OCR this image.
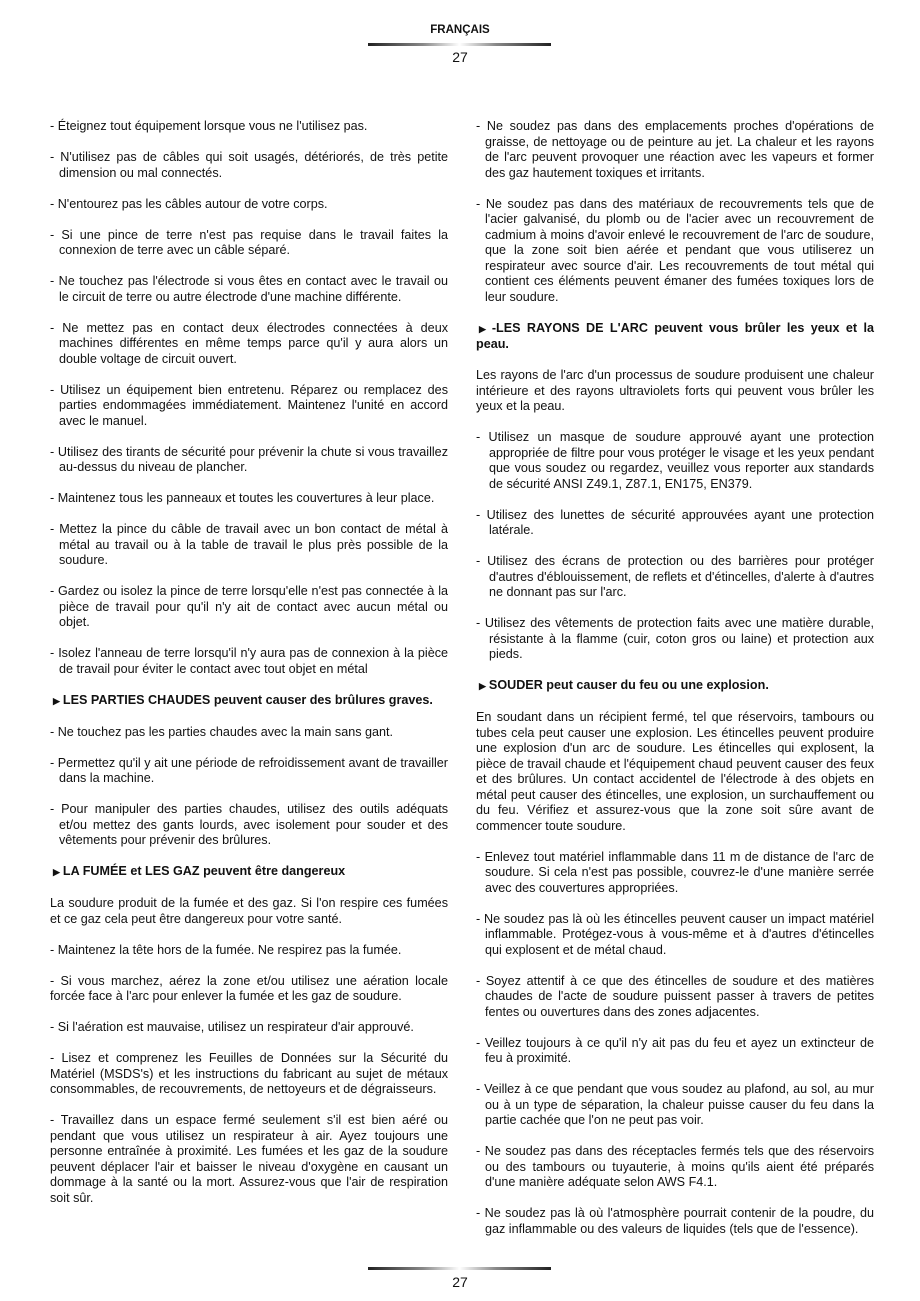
FRANÇAIS
27

- Éteignez tout équipement lorsque vous ne l'utilisez pas.

- N'utilisez pas de câbles qui soit usagés, détériorés, de très petite dimension ou mal connectés.

- N'entourez pas les câbles autour de votre corps.

- Si une pince de terre n'est pas requise dans le travail faites la connexion de terre avec un câble séparé.

- Ne touchez pas l'électrode si vous êtes en contact avec le travail ou le circuit de terre ou autre électrode d'une machine différente.

- Ne mettez pas en contact deux électrodes connectées à deux machines différentes en même temps parce qu'il y aura alors un double voltage de circuit ouvert.

- Utilisez un équipement bien entretenu. Réparez ou remplacez des parties endommagées immédiatement. Maintenez l'unité en accord avec le manuel.

- Utilisez des tirants de sécurité pour prévenir la chute si vous travaillez au-dessus du niveau de plancher.

- Maintenez tous les panneaux et toutes les couvertures à leur place.

- Mettez la pince du câble de travail avec un bon contact de métal à métal au travail ou à la table de travail le plus près possible de la soudure.

- Gardez ou isolez la pince de terre lorsqu'elle n'est pas connectée à la pièce de travail pour qu'il n'y ait de contact avec aucun métal ou objet.

- Isolez l'anneau de terre lorsqu'il n'y aura pas de connexion à la pièce de travail pour éviter le contact avec tout objet en métal

▶ LES PARTIES CHAUDES peuvent causer des brûlures graves.

- Ne touchez pas les parties chaudes avec la main sans gant.

- Permettez qu'il y ait une période de refroidissement avant de travailler dans la machine.

- Pour manipuler des parties chaudes, utilisez des outils adéquats et/ou mettez des gants lourds, avec isolement pour souder et des vêtements pour prévenir des brûlures.

▶ LA FUMÉE et LES GAZ peuvent être dangereux

La soudure produit de la fumée et des gaz. Si l'on respire ces fumées et ce gaz cela peut être dangereux pour votre santé.

- Maintenez la tête hors de la fumée. Ne respirez pas la fumée.

- Si vous marchez, aérez la zone et/ou utilisez une aération locale forcée face à l'arc pour enlever la fumée et les gaz de soudure.

- Si l'aération est mauvaise, utilisez un respirateur d'air approuvé.

- Lisez et comprenez les Feuilles de Données sur la Sécurité du Matériel (MSDS's) et les instructions du fabricant au sujet de métaux consommables, de recouvrements, de nettoyeurs et de dégraisseurs.

- Travaillez dans un espace fermé seulement s'il est bien aéré ou pendant que vous utilisez un respirateur à air. Ayez toujours une personne entraînée à proximité. Les fumées et les gaz de la soudure peuvent déplacer l'air et baisser le niveau d'oxygène en causant un dommage à la santé ou la mort. Assurez-vous que l'air de respiration soit sûr.

- Ne soudez pas dans des emplacements proches d'opérations de graisse, de nettoyage ou de peinture au jet. La chaleur et les rayons de l'arc peuvent provoquer une réaction avec les vapeurs et former des gaz hautement toxiques et irritants.

- Ne soudez pas dans des matériaux de recouvrements tels que de l'acier galvanisé, du plomb ou de l'acier avec un recouvrement de cadmium à moins d'avoir enlevé le recouvrement de l'arc de soudure, que la zone soit bien aérée et pendant que vous utiliserez un respirateur avec source d'air. Les recouvrements de tout métal qui contient ces éléments peuvent émaner des fumées toxiques lors de leur soudure.

▶ -LES RAYONS DE L'ARC peuvent vous brûler les yeux et la peau.

Les rayons de l'arc d'un processus de soudure produisent une chaleur intérieure et des rayons ultraviolets forts qui peuvent vous brûler les yeux et la peau.

- Utilisez un masque de soudure approuvé ayant une protection appropriée de filtre pour vous protéger le visage et les yeux pendant que vous soudez ou regardez, veuillez vous reporter aux standards de sécurité ANSI Z49.1, Z87.1, EN175, EN379.

- Utilisez des lunettes de sécurité approuvées ayant une protection latérale.

- Utilisez des écrans de protection ou des barrières pour protéger d'autres d'éblouissement, de reflets et d'étincelles, d'alerte à d'autres ne donnant pas sur l'arc.

- Utilisez des vêtements de protection faits avec une matière durable, résistante à la flamme (cuir, coton gros ou laine) et protection aux pieds.

▶ SOUDER peut causer du feu ou une explosion.

En soudant dans un récipient fermé, tel que réservoirs, tambours ou tubes cela peut causer une explosion. Les étincelles peuvent produire une explosion d'un arc de soudure. Les étincelles qui explosent, la pièce de travail chaude et l'équipement chaud peuvent causer des feux et des brûlures. Un contact accidentel de l'électrode à des objets en métal peut causer des étincelles, une explosion, un surchauffement ou du feu. Vérifiez et assurez-vous que la zone soit sûre avant de commencer toute soudure.

- Enlevez tout matériel inflammable dans 11 m de distance de l'arc de soudure. Si cela n'est pas possible, couvrez-le d'une manière serrée avec des couvertures appropriées.

- Ne soudez pas là où les étincelles peuvent causer un impact matériel inflammable. Protégez-vous à vous-même et à d'autres d'étincelles qui explosent et de métal chaud.

- Soyez attentif à ce que des étincelles de soudure et des matières chaudes de l'acte de soudure puissent passer à travers de petites fentes ou ouvertures dans des zones adjacentes.

- Veillez toujours à ce qu'il n'y ait pas du feu et ayez un extincteur de feu à proximité.

- Veillez à ce que pendant que vous soudez au plafond, au sol, au mur ou à un type de séparation, la chaleur puisse causer du feu dans la partie cachée que l'on ne peut pas voir.

- Ne soudez pas dans des réceptacles fermés tels que des réservoirs ou des tambours ou tuyauterie, à moins qu'ils aient été préparés d'une manière adéquate selon AWS F4.1.

- Ne soudez pas là où l'atmosphère pourrait contenir de la poudre, du gaz inflammable ou des valeurs de liquides (tels que de l'essence).

27
